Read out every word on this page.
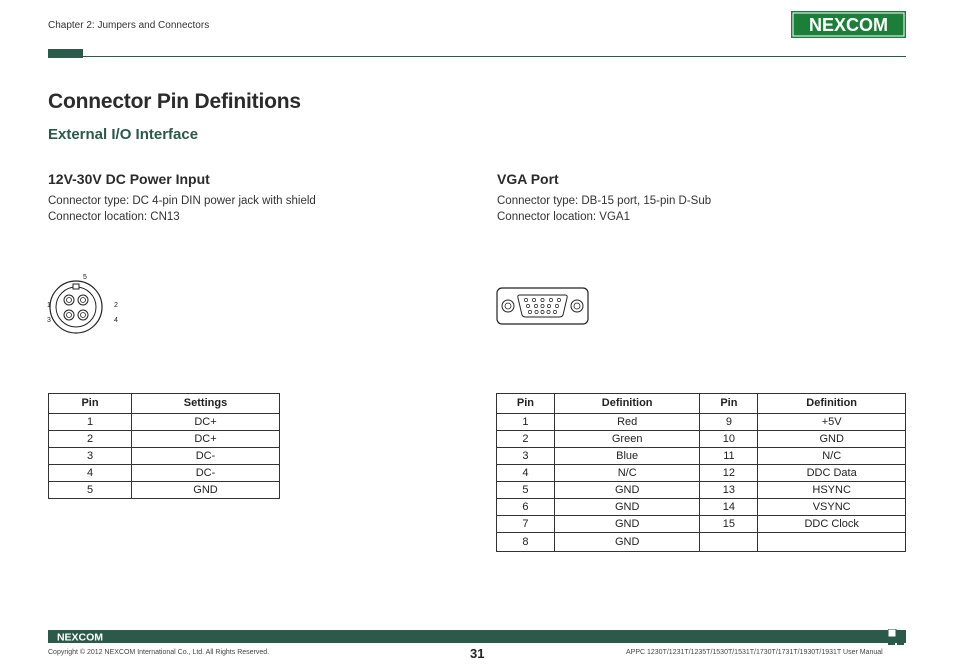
Chapter 2: Jumpers and Connectors	NEXCOM
Connector Pin Definitions
External I/O Interface
12V-30V DC Power Input
Connector type: DC 4-pin DIN power jack with shield
Connector location: CN13
5
1	2
3	4
Pin	Settings
1	DC+
2	DC+
3	DC-
4	DC-
5	GND
VGA Port
Connector type: DB-15 port, 15-pin D-Sub
Connector location: VGA1
Pin	Definition	Pin	Definition
1	Red	9	+5V
2	Green	10	GND
3	Blue	11	N/C
4	N/C	12	DDC Data
5	GND	13	HSYNC
6	GND	14	VSYNC
7	GND	15	DDC Clock
8	GND		
NEXCOM
Copyright © 2012 NEXCOM International Co., Ltd. All Rights Reserved.	31	APPC 1230T/1231T/1235T/1530T/1531T/1730T/1731T/1930T/1931T User Manual
